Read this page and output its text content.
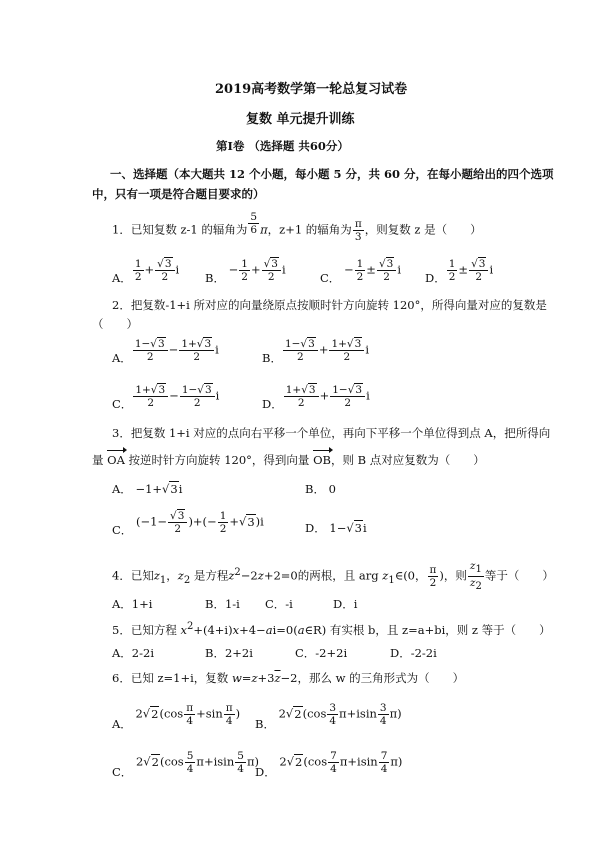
2019高考数学第一轮总复习试卷
复数 单元提升训练
第Ⅰ卷 （选择题 共60分）
一、选择题（本大题共 12 个小题，每小题 5 分，共 60 分，在每小题给出的四个选项
中，只有一项是符合题目要求的）
1．已知复数 z-1 的辐角为 $\frac{5}{6}$ π，z+1 的辐角为 $\frac{\pi}{3}$ ，则复数 z 是（　　）
A． $\frac{1}{2} + \frac{√3}{2}$ i
B． − $\frac{1}{2} + \frac{√3}{2}$ i
C． − $\frac{1}{2} \pm \frac{√3}{2}$ i
D． $\frac{1}{2} \pm \frac{√3}{2}$ i
2．把复数-1+i 所对应的向量绕原点按顺时针方向旋转 120°，所得向量对应的复数是
（　　）
A． $\frac{1-√3}{2} - \frac{1+√3}{2}$ i
B． $\frac{1-√3}{2} + \frac{1+√3}{2}$ i
C． $\frac{1+√3}{2} - \frac{1-√3}{2}$ i
D． $\frac{1+√3}{2} + \frac{1-√3}{2}$ i
3．把复数 1+i 对应的点向右平移一个单位，再向下平移一个单位得到点 A，把所得向
量 OA 按逆时针方向旋转 120°，得到向量 OB，则 B 点对应复数为（　　）
A． −1+√3i	B． 0
C． ($-1- \frac{√3}{2}$ )+(− $\frac{1}{2} +√3)i$	D． 1−√3i
4．已知$z_1$，$z_2$ 是方程$z^2-2z+2=0$的两根，且 arg $z_1\in(0$， $\frac{\pi}{2}$ )，则 $\frac{z_1}{z_2}$ 等于（　　）
A．1+i	B．1-i C．-i	D．i
5．已知方程 $x^2+(4+i)x+4-ai=0(a\in R)$ 有实根 b，且 z=a+bi，则 z 等于（　　）
A．2-2i	B．2+2i	C．-2+2i	D．-2-2i
6．已知 z=1+i，复数 $w=z+3\overline{z}-2$，那么 w 的三角形式为（　　）
A． $2√2(\cos \frac{\pi}{4} +\sin \frac{\pi}{4}$ )
B． $2√2(\cos \frac{3}{4} \pi+isin \frac{3}{4} \pi)$
C． $2√2(\cos \frac{5}{4} \pi+isin \frac{5}{4} \pi)$
D． $2√2(\cos \frac{7}{4} \pi+isin \frac{7}{4} \pi)$
